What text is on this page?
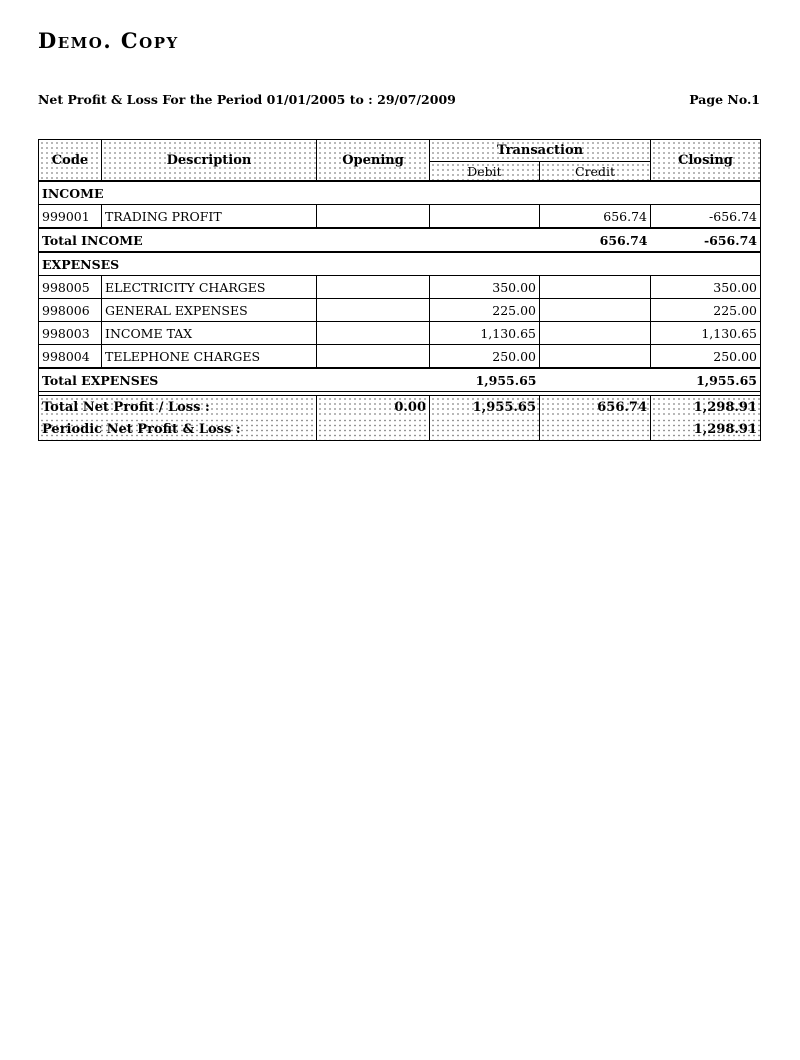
Demo. Copy
Net Profit & Loss For the Period 01/01/2005 to : 29/07/2009	Page No.1
Code	Description	Opening	Transaction		Closing
			Debit	Credit	
INCOME					
999001	TRADING PROFIT			656.74	-656.74
Total INCOME				656.74	-656.74
EXPENSES					
998005	ELECTRICITY CHARGES		350.00		350.00
998006	GENERAL EXPENSES		225.00		225.00
998003	INCOME TAX		1,130.65		1,130.65
998004	TELEPHONE CHARGES		250.00		250.00
Total EXPENSES			1,955.65		1,955.65

Total Net Profit / Loss :		0.00	1,955.65	656.74	1,298.91
Periodic Net Profit & Loss :					1,298.91
